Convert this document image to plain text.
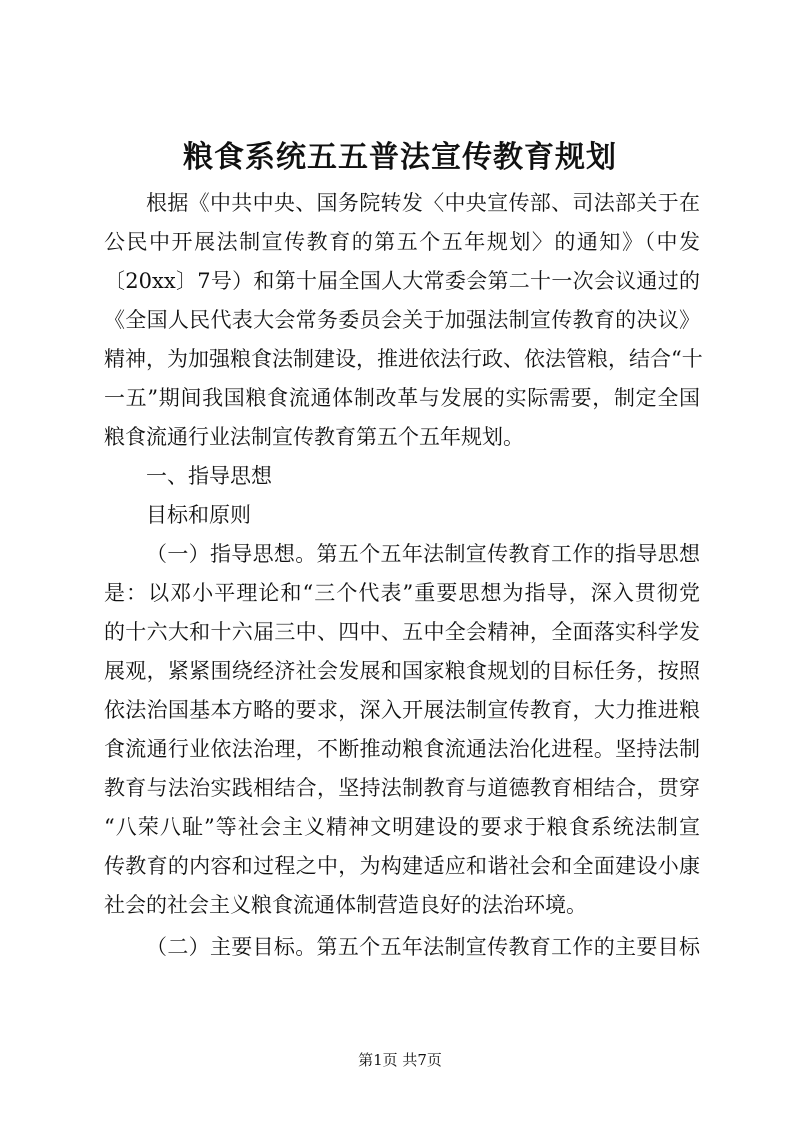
粮食系统五五普法宣传教育规划
根据《中共中央、国务院转发〈中央宣传部、司法部关于在
公民中开展法制宣传教育的第五个五年规划〉的通知》（中发
〔20xx〕7号）和第十届全国人大常委会第二十一次会议通过的
《全国人民代表大会常务委员会关于加强法制宣传教育的决议》
精神，为加强粮食法制建设，推进依法行政、依法管粮，结合“十
一五”期间我国粮食流通体制改革与发展的实际需要，制定全国
粮食流通行业法制宣传教育第五个五年规划。
一、指导思想
目标和原则
（一）指导思想。第五个五年法制宣传教育工作的指导思想
是：以邓小平理论和“三个代表”重要思想为指导，深入贯彻党
的十六大和十六届三中、四中、五中全会精神，全面落实科学发
展观，紧紧围绕经济社会发展和国家粮食规划的目标任务，按照
依法治国基本方略的要求，深入开展法制宣传教育，大力推进粮
食流通行业依法治理，不断推动粮食流通法治化进程。坚持法制
教育与法治实践相结合，坚持法制教育与道德教育相结合，贯穿
“八荣八耻”等社会主义精神文明建设的要求于粮食系统法制宣
传教育的内容和过程之中，为构建适应和谐社会和全面建设小康
社会的社会主义粮食流通体制营造良好的法治环境。
（二）主要目标。第五个五年法制宣传教育工作的主要目标
第1页 共7页
